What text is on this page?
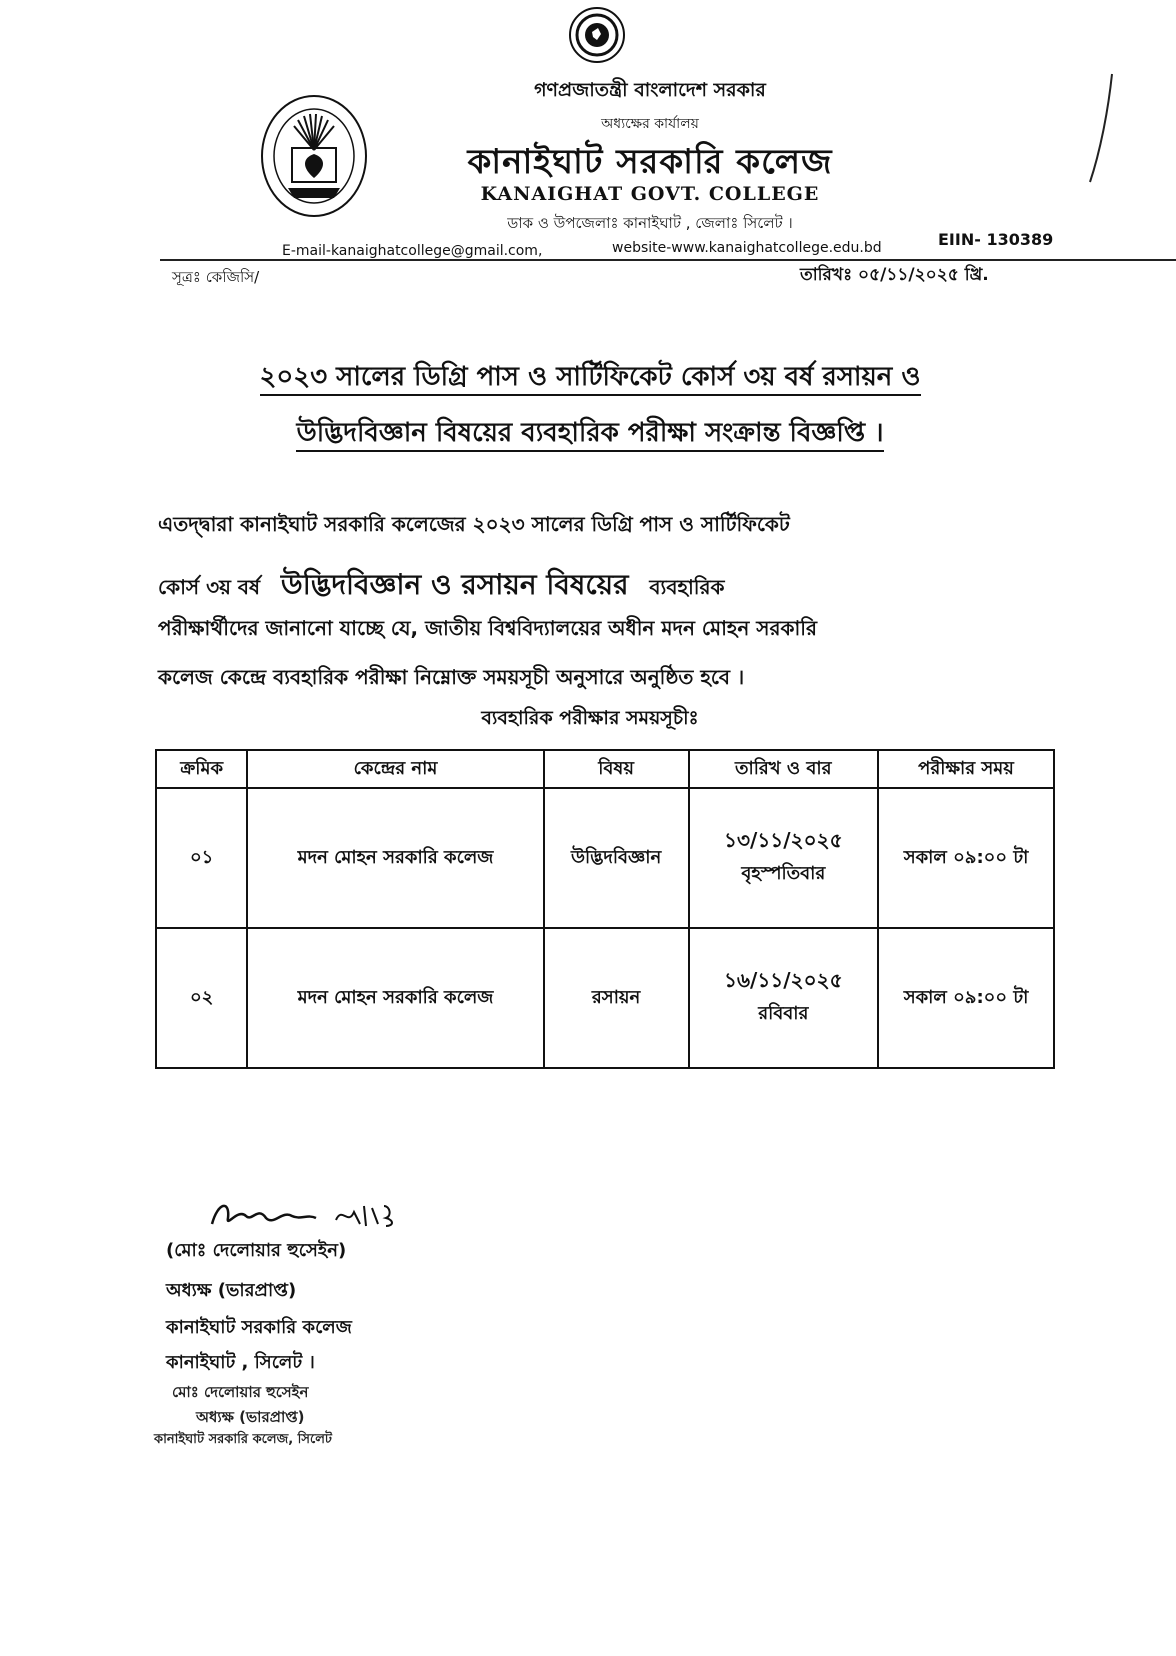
গণপ্রজাতন্ত্রী বাংলাদেশ সরকার
অধ্যক্ষের কার্যালয়
কানাইঘাট সরকারি কলেজ
KANAIGHAT GOVT. COLLEGE
ডাক ও উপজেলাঃ কানাইঘাট , জেলাঃ সিলেট ।
E-mail-kanaighatcollege@gmail.com,	website-www.kanaighatcollege.edu.bd	EIIN- 130389
সূত্রঃ কেজিসি/	তারিখঃ ০৫/১১/২০২৫ খ্রি.
২০২৩ সালের ডিগ্রি পাস ও সার্টিফিকেট কোর্স ৩য় বর্ষ রসায়ন ও
উদ্ভিদবিজ্ঞান বিষয়ের ব্যবহারিক পরীক্ষা সংক্রান্ত বিজ্ঞপ্তি ।
এতদ্‌দ্বারা কানাইঘাট সরকারি কলেজের ২০২৩ সালের ডিগ্রি পাস ও সার্টিফিকেট
কোর্স ৩য় বর্ষ উদ্ভিদবিজ্ঞান ও রসায়ন বিষয়ের ব্যবহারিক
পরীক্ষার্থীদের জানানো যাচ্ছে যে, জাতীয় বিশ্ববিদ্যালয়ের অধীন মদন মোহন সরকারি
কলেজ কেন্দ্রে ব্যবহারিক পরীক্ষা নিম্নোক্ত সময়সূচী অনুসারে অনুষ্ঠিত হবে ।
ব্যবহারিক পরীক্ষার সময়সূচীঃ
ক্রমিক	কেন্দ্রের নাম	বিষয়	তারিখ ও বার	পরীক্ষার সময়
০১	মদন মোহন সরকারি কলেজ	উদ্ভিদবিজ্ঞান	১৩/১১/২০২৫
বৃহস্পতিবার	সকাল ০৯:০০ টা
০২	মদন মোহন সরকারি কলেজ	রসায়ন	১৬/১১/২০২৫
রবিবার	সকাল ০৯:০০ টা
(মোঃ দেলোয়ার হুসেইন)
অধ্যক্ষ (ভারপ্রাপ্ত)
কানাইঘাট সরকারি কলেজ
কানাইঘাট , সিলেট ।
মোঃ দেলোয়ার হুসেইন
অধ্যক্ষ (ভারপ্রাপ্ত)
কানাইঘাট সরকারি কলেজ, সিলেট
